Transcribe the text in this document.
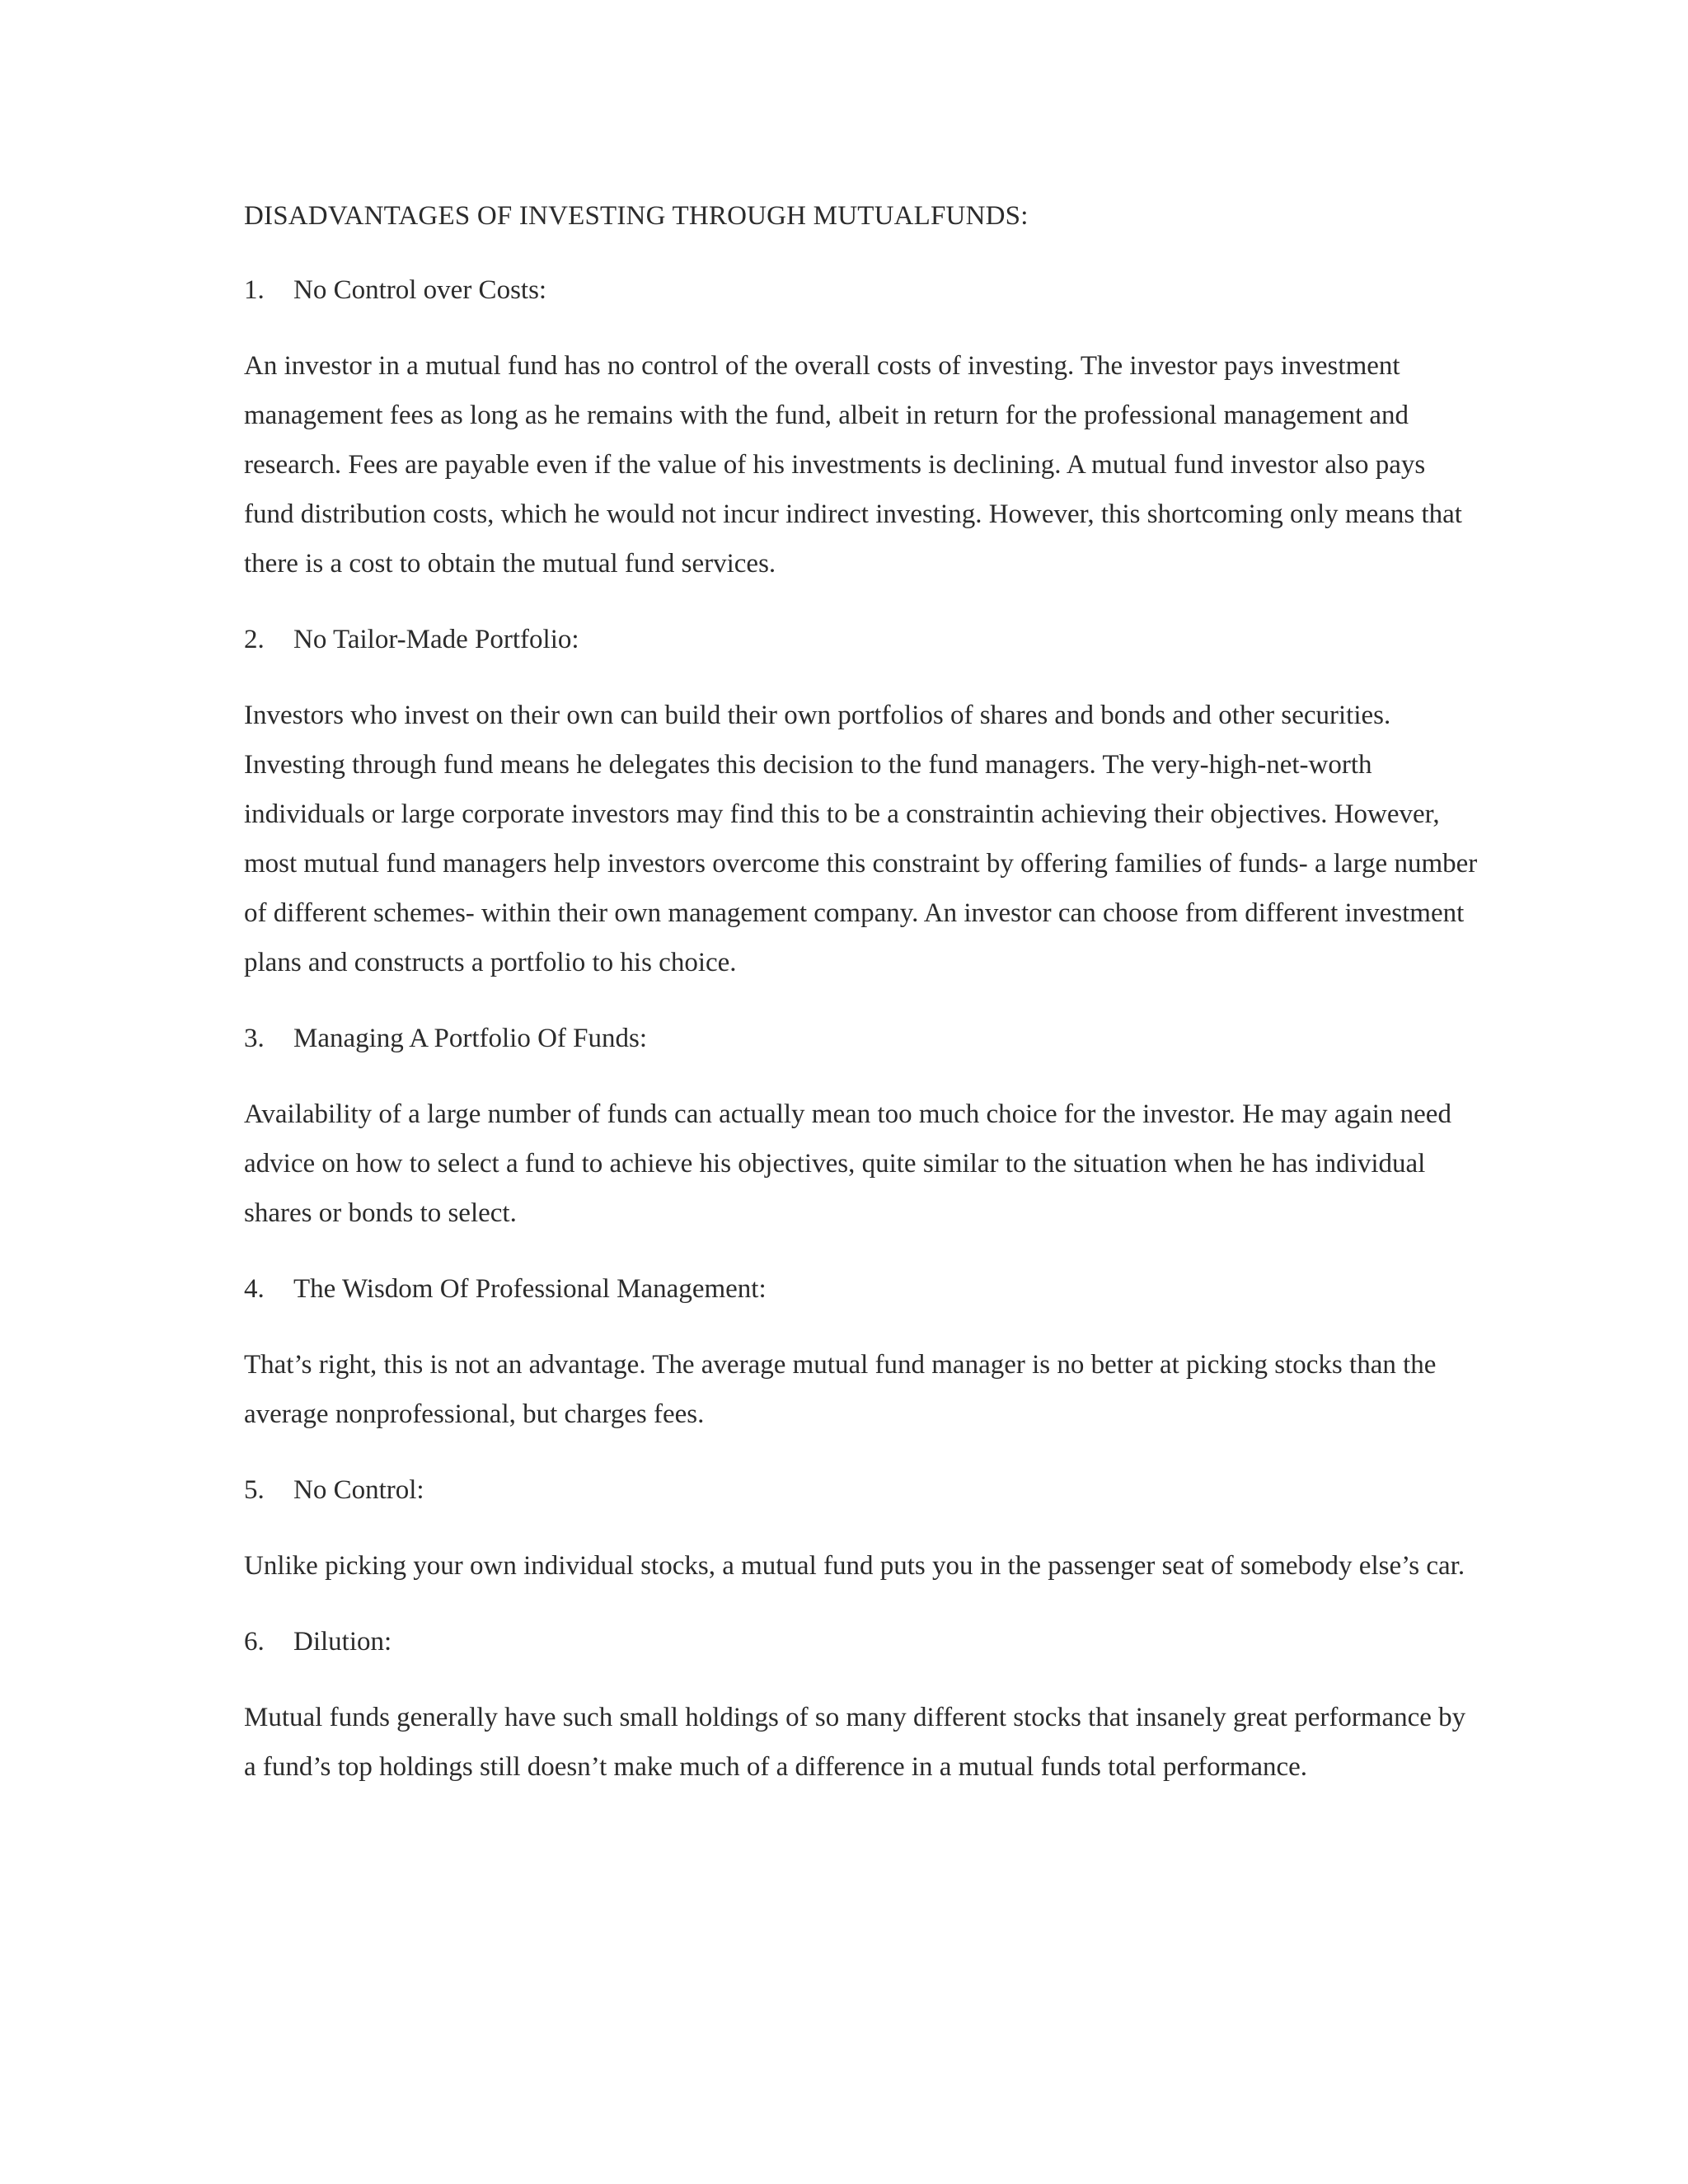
DISADVANTAGES OF INVESTING THROUGH MUTUALFUNDS:
1.	No Control over Costs:

An investor in a mutual fund has no control of the overall costs of investing. The investor pays investment management fees as long as he remains with the fund, albeit in return for the professional management and research. Fees are payable even if the value of his investments is declining. A mutual fund investor also pays fund distribution costs, which he would not incur indirect investing. However, this shortcoming only means that there is a cost to obtain the mutual fund services.

2.	No Tailor-Made Portfolio:

Investors who invest on their own can build their own portfolios of shares and bonds and other securities. Investing through fund means he delegates this decision to the fund managers. The very-high-net-worth individuals or large corporate investors may find this to be a constraintin achieving their objectives. However, most mutual fund managers help investors overcome this constraint by offering families of funds- a large number of different schemes- within their own management company. An investor can choose from different investment plans and constructs a portfolio to his choice.

3.	Managing A Portfolio Of Funds:

Availability of a large number of funds can actually mean too much choice for the investor. He may again need advice on how to select a fund to achieve his objectives, quite similar to the situation when he has individual shares or bonds to select.

4.	The Wisdom Of Professional Management:

That’s right, this is not an advantage. The average mutual fund manager is no better at picking stocks than the average nonprofessional, but charges fees.

5.	No Control:

Unlike picking your own individual stocks, a mutual fund puts you in the passenger seat of somebody else’s car.

6.	Dilution:

Mutual funds generally have such small holdings of so many different stocks that insanely great performance by a fund’s top holdings still doesn’t make much of a difference in a mutual funds total performance.
